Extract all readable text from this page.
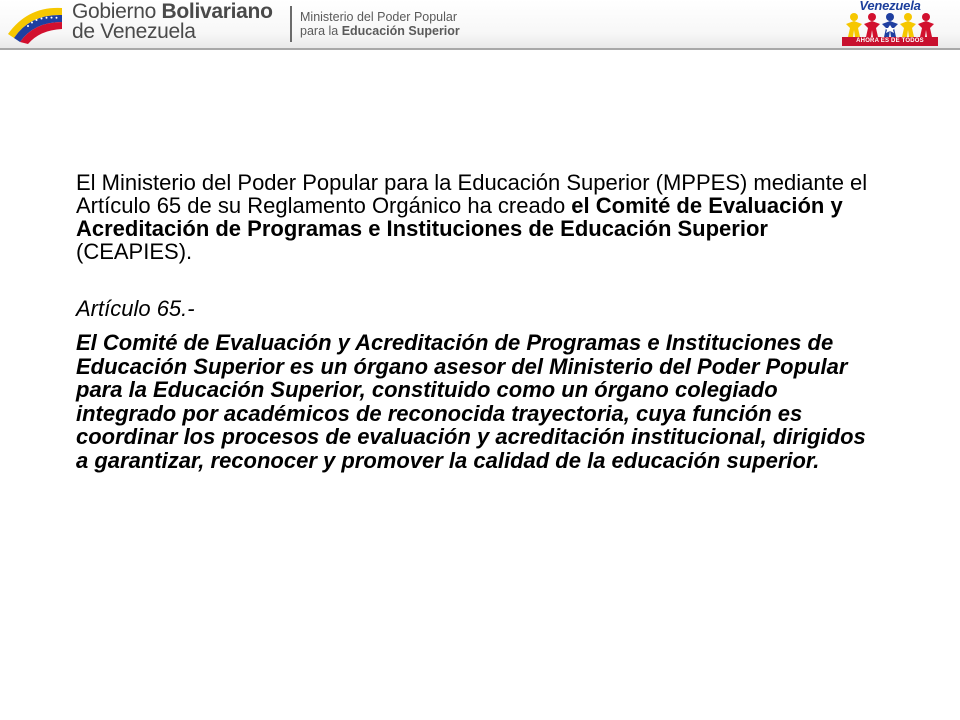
Gobierno Bolivariano
de Venezuela
Ministerio del Poder Popular
para la Educación Superior
Venezuela
AHORA ES DE TODOS

El Ministerio del Poder Popular para la Educación Superior (MPPES) mediante el Artículo 65 de su Reglamento Orgánico ha creado el Comité de Evaluación y Acreditación de Programas e Instituciones de Educación Superior (CEAPIES).

Artículo 65.-

El Comité de Evaluación y Acreditación de Programas e Instituciones de Educación Superior es un órgano asesor del Ministerio del Poder Popular para la Educación Superior, constituido como un órgano colegiado integrado por académicos de reconocida trayectoria, cuya función es coordinar los procesos de evaluación y acreditación institucional, dirigidos a garantizar, reconocer y promover la calidad de la educación superior.
